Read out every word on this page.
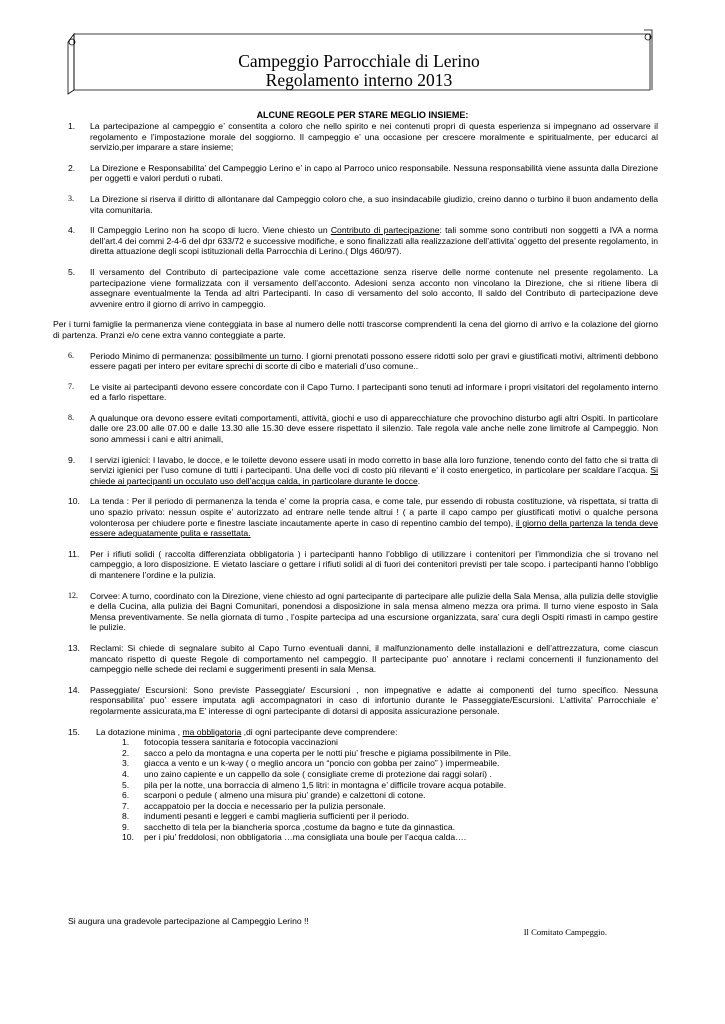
Campeggio Parrocchiale di Lerino
Regolamento interno 2013
ALCUNE REGOLE PER STARE MEGLIO INSIEME:
1. La partecipazione al campeggio e’ consentita a coloro che nello spirito e nei contenuti propri di questa esperienza si impegnano ad osservare il regolamento e l’impostazione morale del soggiorno. Il campeggio e’ una occasione per crescere moralmente e spiritualmente, per educarci al servizio,per imparare a stare insieme;

2. La Direzione e Responsabilita’ del Campeggio Lerino e’ in capo al Parroco unico responsabile. Nessuna responsabilità viene assunta dalla Direzione per oggetti e valori perduti o rubati.

3. La Direzione si riserva il diritto di allontanare dal Campeggio coloro che, a suo insindacabile giudizio, creino danno o turbino il buon andamento della vita comunitaria.

4. Il Campeggio Lerino non ha scopo di lucro. Viene chiesto un Contributo di partecipazione: tali somme sono contributi non soggetti a IVA a norma dell’art.4 dei commi 2-4-6 del dpr 633/72 e successive modifiche, e sono finalizzati alla realizzazione dell’attivita’ oggetto del presente regolamento, in diretta attuazione degli scopi istituzionali della Parrocchia di Lerino.( Dlgs 460/97).

5. Il versamento del Contributo di partecipazione vale come accettazione senza riserve delle norme contenute nel presente regolamento. La partecipazione viene formalizzata con il versamento dell’acconto. Adesioni senza acconto non vincolano la Direzione, che si ritiene libera di assegnare eventualmente la Tenda ad altri Partecipanti. In caso di versamento del solo acconto, Il saldo del Contributo di partecipazione deve avvenire entro il giorno di arrivo in campeggio.

Per i turni famiglie la permanenza viene conteggiata in base al numero delle notti trascorse comprendenti la cena del giorno di arrivo e la colazione del giorno di partenza. Pranzi e/o cene extra vanno conteggiate a parte.
6. Periodo Minimo di permanenza: possibilmente un turno. I giorni prenotati possono essere ridotti solo per gravi e giustificati motivi, altrimenti debbono essere pagati per intero per evitare sprechi di scorte di cibo e materiali d’uso comune..

7. Le visite ai partecipanti devono essere concordate con il Capo Turno. I partecipanti sono tenuti ad informare i propri visitatori del regolamento interno ed a farlo rispettare.

8. A qualunque ora devono essere evitati comportamenti, attività, giochi e uso di apparecchiature che provochino disturbo agli altri Ospiti. In particolare dalle ore 23.00 alle 07.00 e dalle 13.30 alle 15.30 deve essere rispettato il silenzio. Tale regola vale anche nelle zone limitrofe al Campeggio. Non sono ammessi i cani e altri animali,

9. I servizi igienici: I lavabo, le docce, e le toilette devono essere usati in modo corretto in base alla loro funzione, tenendo conto del fatto che si tratta di servizi igienici per l’uso comune di tutti i partecipanti. Una delle voci di costo più rilevanti e’ il costo energetico, in particolare per scaldare l’acqua. Si chiede ai partecipanti un occulato uso dell’acqua calda, in particolare durante le docce.

10. La tenda : Per il periodo di permanenza la tenda e’ come la propria casa, e come tale, pur essendo di robusta costituzione, và rispettata, si tratta di uno spazio privato: nessun ospite e’ autorizzato ad entrare nelle tende altrui ! ( a parte il capo campo per giustificati motivi o qualche persona volonterosa per chiudere porte e finestre lasciate incautamente aperte in caso di repentino cambio del tempo), il giorno della partenza la tenda deve essere adeguatamente pulita e rassettata.

11. Per i rifiuti solidi ( raccolta differenziata obbligatoria ) i partecipanti hanno l’obbligo di utilizzare i contenitori per l’immondizia che si trovano nel campeggio, a loro disposizione. E vietato lasciare o gettare i rifiuti solidi al di fuori dei contenitori previsti per tale scopo. i partecipanti hanno l’obbligo di mantenere l’ordine e la pulizia.

12. Corvee: A turno, coordinato con la Direzione, viene chiesto ad ogni partecipante di partecipare alle pulizie della Sala Mensa, alla pulizia delle stoviglie e della Cucina, alla pulizia dei Bagni Comunitari, ponendosi a disposizione in sala mensa almeno mezza ora prima. Il turno viene esposto in Sala Mensa preventivamente. Se nella giornata di turno , l’ospite partecipa ad una escursione organizzata, sara’ cura degli Ospiti rimasti in campo gestire le pulizie.

13. Reclami: Si chiede di segnalare subito al Capo Turno eventuali danni, il malfunzionamento delle installazioni e dell’attrezzatura, come ciascun mancato rispetto di queste Regole di comportamento nel campeggio. Il partecipante puo’ annotare i reclami concernenti il funzionamento del campeggio nelle schede dei reclami e suggerimenti presenti in sala Mensa.

14. Passeggiate/ Escursioni: Sono previste Passeggiate/ Escursioni , non impegnative e adatte ai componenti del turno specifico. Nessuna responsabilita’ puo’ essere imputata agli accompagnatori in caso di infortunio durante le Passeggiate/Escursioni. L’attivita’ Parrocchiale e’ regolarmente assicurata,ma E’ interesse di ogni partecipante di dotarsi di apposita assicurazione personale.

15. La dotazione minima , ma obbligatoria ,di ogni partecipante deve comprendere:

1. fotocopia tessera sanitaria e fotocopia vaccinazioni
2. sacco a pelo da montagna e una coperta per le notti piu’ fresche e pigiama possibilmente in Pile.
3. giacca a vento e un k-way ( o meglio ancora un “poncio con gobba per zaino” ) impermeabile.
4. uno zaino capiente e un cappello da sole ( consigliate creme di protezione dai raggi solari) .
5. pila per la notte, una borraccia di almeno 1,5 litri: in montagna e’ difficile trovare acqua potabile.
6. scarponi o pedule ( almeno una misura piu’ grande) e calzettoni di cotone.
7. accappatoio per la doccia e necessario per la pulizia personale.
8. indumenti pesanti e leggeri e cambi maglieria sufficienti per il periodo.
9. sacchetto di tela per la biancheria sporca ,costume da bagno e tute da ginnastica.
10. per i piu’ freddolosi, non obbligatoria …ma consigliata una boule per l’acqua calda….
Si augura una gradevole partecipazione al Campeggio Lerino !!
Il Comitato Campeggio.
